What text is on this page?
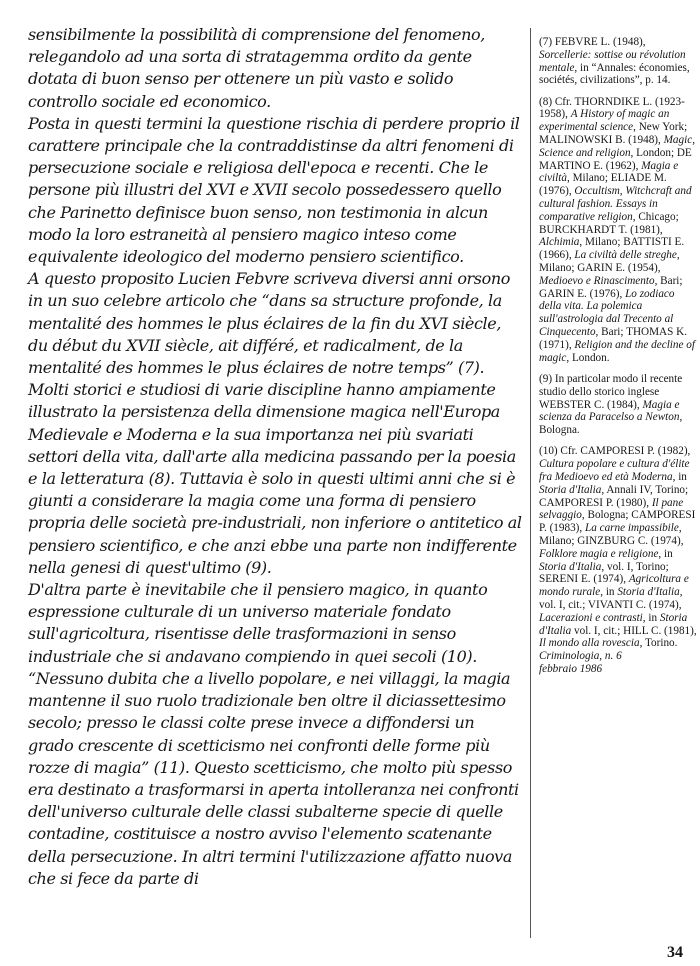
sensibilmente la possibilità di comprensione del fenomeno, relegandolo ad una sorta di stratagemma ordito da gente dotata di buon senso per ottenere un più vasto e solido controllo sociale ed economico.

Posta in questi termini la questione rischia di perdere proprio il carattere principale che la contraddistinse da altri fenomeni di persecuzione sociale e religiosa dell'epoca e recenti. Che le persone più illustri del XVI e XVII secolo possedessero quello che Parinetto definisce buon senso, non testimonia in alcun modo la loro estraneità al pensiero magico inteso come equivalente ideologico del moderno pensiero scientifico.

A questo proposito Lucien Febvre scriveva diversi anni orsono in un suo celebre articolo che “dans sa structure profonde, la mentalité des hommes le plus éclaires de la fin du XVI siècle, du début du XVII siècle, ait différé, et radicalment, de la mentalité des hommes le plus éclaires de notre temps” (7).

Molti storici e studiosi di varie discipline hanno ampiamente illustrato la persistenza della dimensione magica nell'Europa Medievale e Moderna e la sua importanza nei più svariati settori della vita, dall'arte alla medicina passando per la poesia e la letteratura (8). Tuttavia è solo in questi ultimi anni che si è giunti a considerare la magia come una forma di pensiero propria delle società pre-industriali, non inferiore o antitetico al pensiero scientifico, e che anzi ebbe una parte non indifferente nella genesi di quest'ultimo (9).

D'altra parte è inevitabile che il pensiero magico, in quanto espressione culturale di un universo materiale fondato sull'agricoltura, risentisse delle trasformazioni in senso industriale che si andavano compiendo in quei secoli (10). “Nessuno dubita che a livello popolare, e nei villaggi, la magia mantenne il suo ruolo tradizionale ben oltre il diciassettesimo secolo; presso le classi colte prese invece a diffondersi un grado crescente di scetticismo nei confronti delle forme più rozze di magia” (11). Questo scetticismo, che molto più spesso era destinato a trasformarsi in aperta intolleranza nei confronti dell'universo culturale delle classi subalterne specie di quelle contadine, costituisce a nostro avviso l'elemento scatenante della persecuzione. In altri termini l'utilizzazione affatto nuova che si fece da parte di

(7) FEBVRE L. (1948), Sorcellerie: sottise ou révolution mentale, in “Annales: économies, sociétés, civilizations”, p. 14.

(8) Cfr. THORNDIKE L. (1923-1958), A History of magic an experimental science, New York; MALINOWSKI B. (1948), Magic, Science and religion, London; DE MARTINO E. (1962), Magia e civiltà, Milano; ELIADE M. (1976), Occultism, Witchcraft and cultural fashion. Essays in comparative religion, Chicago; BURCKHARDT T. (1981), Alchimia, Milano; BATTISTI E. (1966), La civiltà delle streghe, Milano; GARIN E. (1954), Medioevo e Rinascimento, Bari; GARIN E. (1976), Lo zodiaco della vita. La polemica sull'astrologia dal Trecento al Cinquecento, Bari; THOMAS K. (1971), Religion and the decline of magic, London.

(9) In particolar modo il recente studio dello storico inglese WEBSTER C. (1984), Magia e scienza da Paracelso a Newton, Bologna.

(10) Cfr. CAMPORESI P. (1982), Cultura popolare e cultura d'élite fra Medioevo ed età Moderna, in Storia d'Italia, Annali IV, Torino; CAMPORESI P. (1980), Il pane selvaggio, Bologna; CAMPORESI P. (1983), La carne impassibile, Milano; GINZBURG C. (1974), Folklore magia e religione, in Storia d'Italia, vol. I, Torino; SERENI E. (1974), Agricoltura e mondo rurale, in Storia d'Italia, vol. I, cit.; VIVANTI C. (1974), Lacerazioni e contrasti, in Storia d'Italia vol. I, cit.; HILL C. (1981), Il mondo alla rovescia, Torino.
Criminologia, n. 6
febbraio 1986

34
